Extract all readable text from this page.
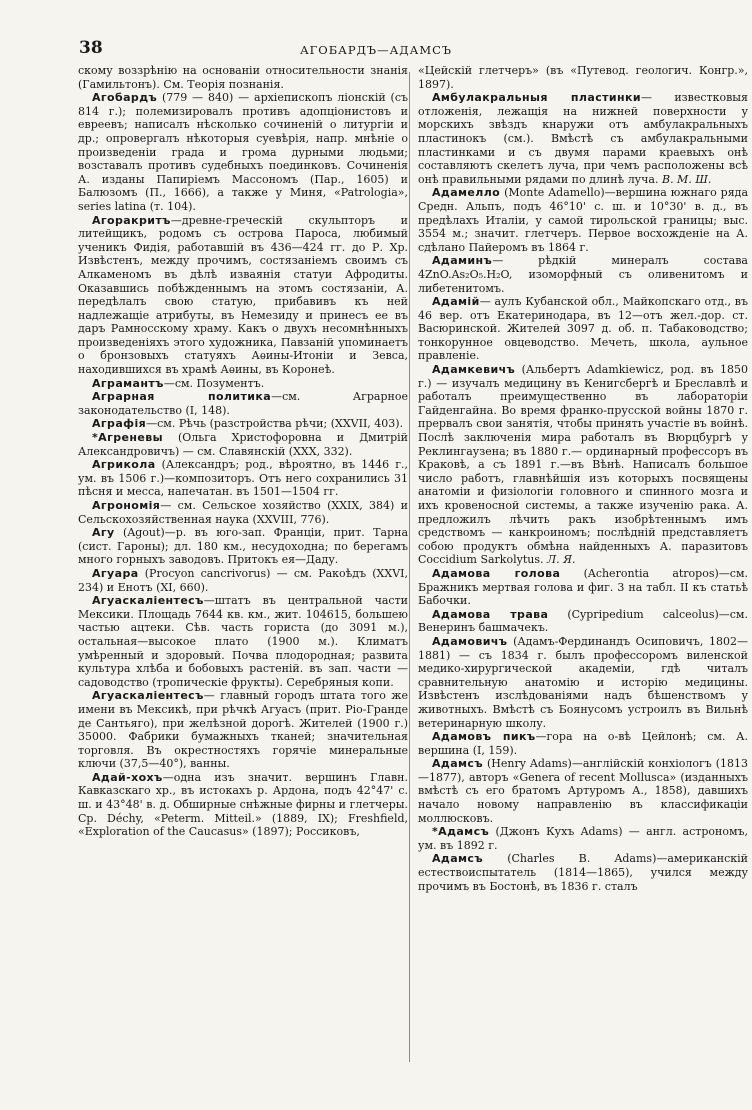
38	АГОБАРДЪ—АДАМСЪ

скому воззрѣнію на основаніи относительности знанія (Гамильтонъ). См. Теорія познанія.

Агобардъ (779 — 840) — архіепископъ ліонскій (съ 814 г.); полемизировалъ противъ адопціонистовъ и евреевъ; написалъ нѣсколько сочиненій о литургіи и др.; опровергалъ нѣкоторыя суевѣрія, напр. мнѣніе о произведеніи града и грома дурными людьми; возставалъ противъ судебныхъ поединковъ. Сочиненія А. изданы Папиріемъ Массономъ (Пар., 1605) и Балюзомъ (П., 1666), а также у Миня, «Patrologia», series latina (т. 104).

Агоракритъ—древне-греческій скульпторъ и литейщикъ, родомъ съ острова Пароса, любимый ученикъ Фидія, работавшій въ 436—424 гг. до Р. Хр. Извѣстенъ, между прочимъ, состязаніемъ своимъ съ Алкаменомъ въ дѣлѣ изваянія статуи Афродиты. Оказавшись побѣжденнымъ на этомъ состязаніи, А. передѣлалъ свою статую, прибавивъ къ ней надлежащіе атрибуты, въ Немезиду и принесъ ее въ даръ Рамносскому храму. Какъ о двухъ несомнѣнныхъ произведеніяхъ этого художника, Павзаній упоминаетъ о бронзовыхъ статуяхъ Аѳины-Итоніи и Зевса, находившихся въ храмѣ Аѳины, въ Коронеѣ.

Аграмантъ—см. Позументъ.

Аграрная политика—см. Аграрное законодательство (I, 148).

Аграфія—см. Рѣчь (разстройства рѣчи; (XXVII, 403).

*Агреневы (Ольга Христофоровна и Дмитрій Александровичъ) — см. Славянскій (XXX, 332).

Агрикола (Александръ; род., вѣроятно, въ 1446 г., ум. въ 1506 г.)—композиторъ. Отъ него сохранились 31 пѣсня и месса, напечатан. въ 1501—1504 гг.

Агрономія— см. Сельское хозяйство (XXIX, 384) и Сельскохозяйственная наука (XXVIII, 776).

Агу (Agout)—р. въ юго-зап. Франціи, прит. Тарна (сист. Гароны); дл. 180 км., несудоходна; по берегамъ много горныхъ заводовъ. Притокъ ея—Даду.

Агуара (Procyon cancrivorus) — см. Ракоѣдъ (XXVI, 234) и Енотъ (XI, 660).

Агуаскаліентесъ—штатъ въ центральной части Мексики. Площадь 7644 кв. км., жит. 104615, большею частью ацтеки. Сѣв. часть гориста (до 3091 м.), остальная—высокое плато (1900 м.). Климатъ умѣренный и здоровый. Почва плодородная; развита культура хлѣба и бобовыхъ растеній. въ зап. части — садоводство (тропическіе фрукты). Серебряныя копи.

Агуаскаліентесъ— главный городъ штата того же имени въ Мексикѣ, при рѣчкѣ Агуасъ (прит. Ріо-Гранде де Сантьяго), при желѣзной дорогѣ. Жителей (1900 г.) 35000. Фабрики бумажныхъ тканей; значительная торговля. Въ окрестностяхъ горячіе минеральные ключи (37,5—40°), ванны.

Адай-хохъ—одна изъ значит. вершинъ Главн. Кавказскаго хр., въ истокахъ р. Ардона, подъ 42°47' с. ш. и 43°48' в. д. Обширные снѣжные фирны и глетчеры. Ср. Déchy, «Peterm. Mitteil.» (1889, IX); Freshfield, «Exploration of the Caucasus» (1897); Россиковъ,

«Цейскій глетчеръ» (въ «Путевод. геологич. Конгр.», 1897).

Амбулакральныя пластинки— известковыя отложенія, лежащія на нижней поверхности у морскихъ звѣздъ кнаружи отъ амбулакральныхъ пластинокъ (см.). Вмѣстѣ съ амбулакральными пластинками и съ двумя парами краевыхъ онѣ составляютъ скелетъ луча, при чемъ расположены всѣ онѣ правильными рядами по длинѣ луча. В. М. Ш.

Адамелло (Monte Adamello)—вершина южнаго ряда Средн. Альпъ, подъ 46°10' с. ш. и 10°30' в. д., въ предѣлахъ Италіи, у самой тирольской границы; выс. 3554 м.; значит. глетчеръ. Первое восхожденіе на А. сдѣлано Пайеромъ въ 1864 г.

Адаминъ— рѣдкій минералъ состава 4ZnO.As₂O₅.H₂O, изоморфный съ оливенитомъ и либетенитомъ.

Адамій— аулъ Кубанской обл., Майкопскаго отд., въ 46 вер. отъ Екатеринодара, въ 12—отъ жел.-дор. ст. Васюринской. Жителей 3097 д. об. п. Табаководство; тонкорунное овцеводство. Мечеть, школа, аульное правленіе.

Адамкевичъ (Альбертъ Adamkiewicz, род. въ 1850 г.) — изучалъ медицину въ Кенигсбергѣ и Бреславлѣ и работалъ преимущественно въ лабораторіи Гайденгайна. Во время франко-прусской войны 1870 г. прервалъ свои занятія, чтобы принять участіе въ войнѣ. Послѣ заключенія мира работалъ въ Вюрцбургѣ у Реклингаузена; въ 1880 г.— ординарный профессоръ въ Краковѣ, а съ 1891 г.—въ Вѣнѣ. Написалъ большое число работъ, главнѣйшія изъ которыхъ посвящены анатоміи и физіологіи головного и спинного мозга и ихъ кровеносной системы, а также изученію рака. А. предложилъ лѣчить ракъ изобрѣтеннымъ имъ средствомъ — канкроиномъ; послѣдній представляетъ собою продуктъ обмѣна найденныхъ А. паразитовъ Coccidium Sarkolytus. Л. Я.

Адамова голова (Acherontia atropos)—см. Бражникъ мертвая голова и фиг. 3 на табл. II къ статьѣ Бабочки.

Адамова трава (Cypripedium calceolus)—см. Венеринъ башмачекъ.

Адамовичъ (Адамъ-Фердинандъ Осиповичъ, 1802—1881) — съ 1834 г. былъ профессоромъ виленской медико-хирургической академіи, гдѣ читалъ сравнительную анатомію и исторію медицины. Извѣстенъ изслѣдованіями надъ бѣшенствомъ у животныхъ. Вмѣстѣ съ Боянусомъ устроилъ въ Вильнѣ ветеринарную школу.

Адамовъ пикъ—гора на о-вѣ Цейлонѣ; см. А. вершина (I, 159).

Адамсъ (Henry Adams)—англійскій конхіологъ (1813—1877), авторъ «Genera of recent Mollusca» (изданныхъ вмѣстѣ съ его братомъ Артуромъ А., 1858), давшихъ начало новому направленію въ классификаціи моллюсковъ.

*Адамсъ (Джонъ Кухъ Adams) — англ. астрономъ, ум. въ 1892 г.

Адамсъ (Charles B. Adams)—американскій естествоиспытатель (1814—1865), учился между прочимъ въ Бостонѣ, въ 1836 г. сталъ
